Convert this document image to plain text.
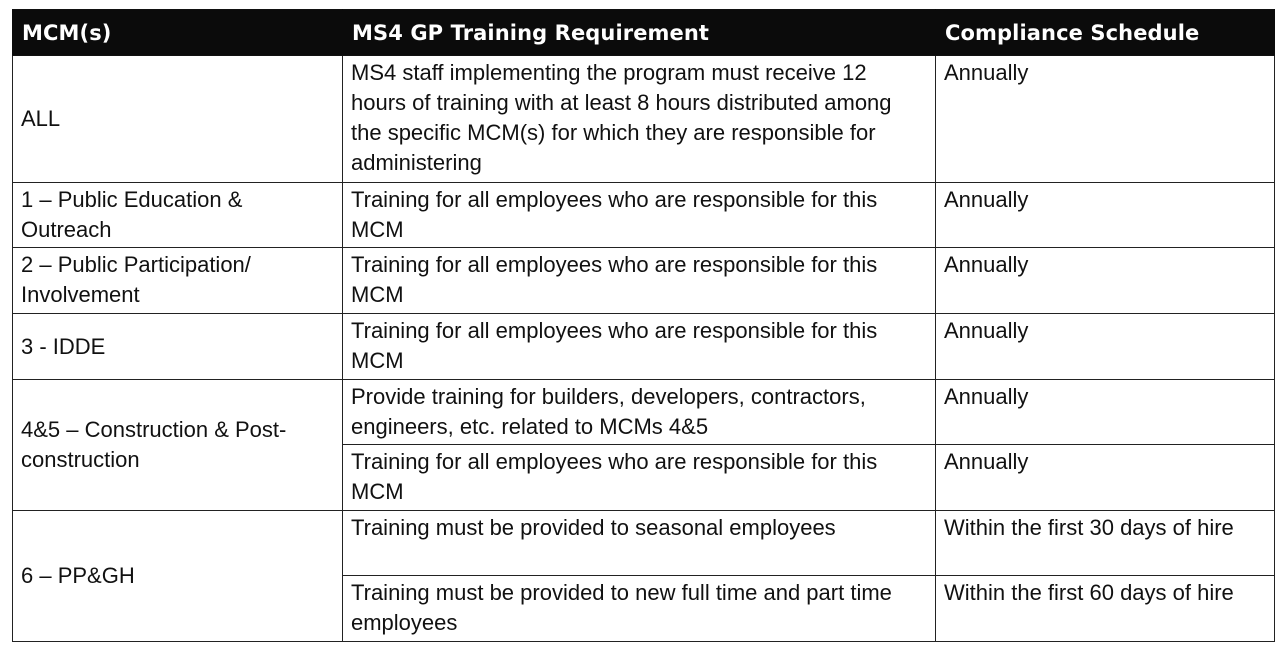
MCM(s)	MS4 GP Training Requirement	Compliance Schedule
ALL	MS4 staff implementing the program must receive 12 hours of training with at least 8 hours distributed among the specific MCM(s) for which they are responsible for administering	Annually
1 – Public Education & Outreach	Training for all employees who are responsible for this MCM	Annually
2 – Public Participation/ Involvement	Training for all employees who are responsible for this MCM	Annually
3 - IDDE	Training for all employees who are responsible for this MCM	Annually
4&5 – Construction & Post-construction	Provide training for builders, developers, contractors, engineers, etc. related to MCMs 4&5	Annually
	Training for all employees who are responsible for this MCM	Annually
6 – PP&GH	Training must be provided to seasonal employees	Within the first 30 days of hire
	Training must be provided to new full time and part time employees	Within the first 60 days of hire
